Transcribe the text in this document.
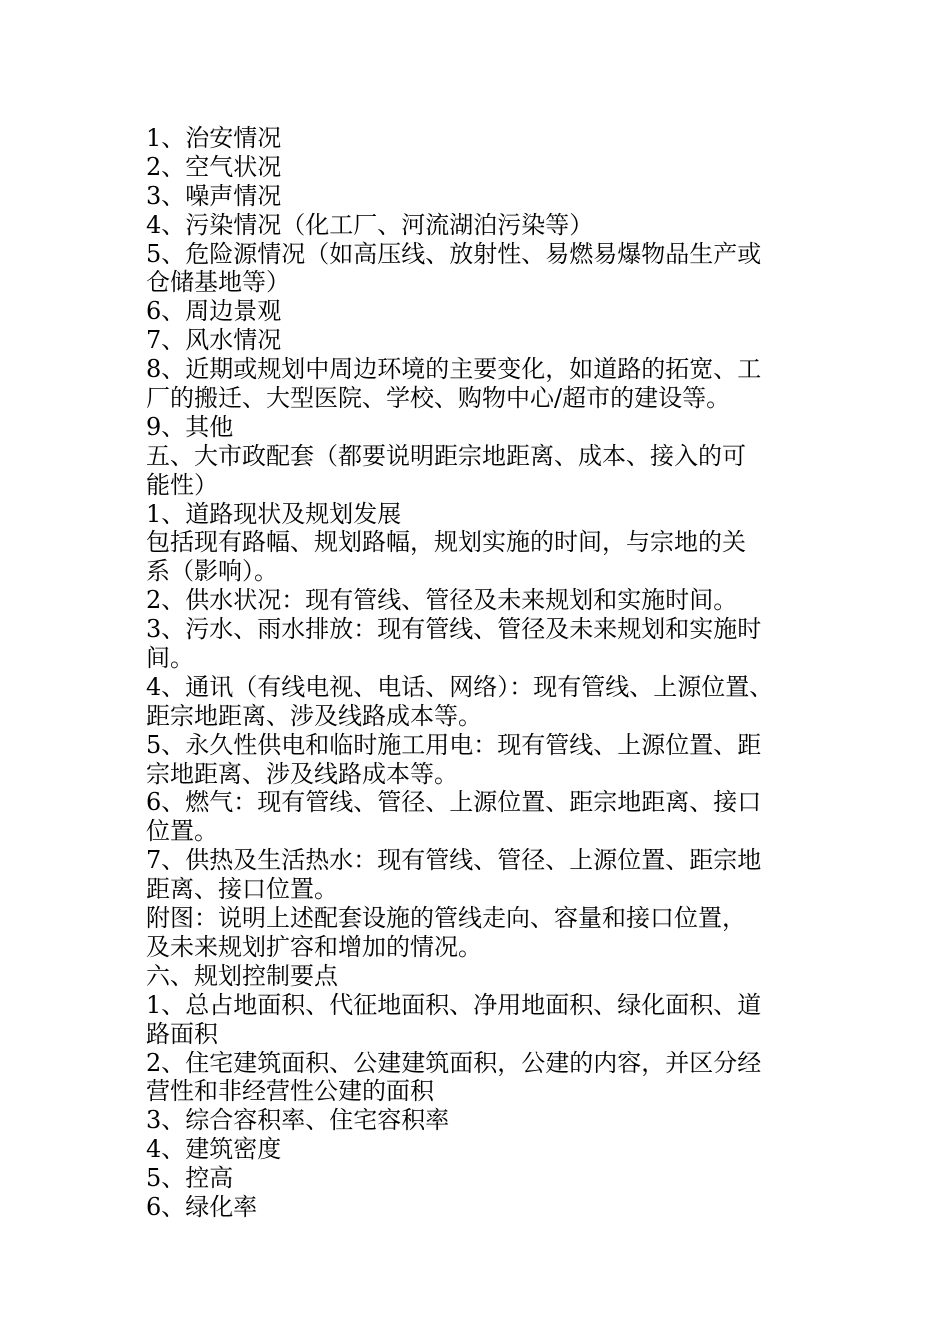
1、治安情况
2、空气状况
3、噪声情况
4、污染情况（化工厂、河流湖泊污染等）
5、危险源情况（如高压线、放射性、易燃易爆物品生产或
仓储基地等）
6、周边景观
7、风水情况
8、近期或规划中周边环境的主要变化，如道路的拓宽、工
厂的搬迁、大型医院、学校、购物中心/超市的建设等。
9、其他
五、大市政配套（都要说明距宗地距离、成本、接入的可
能性）
1、道路现状及规划发展
包括现有路幅、规划路幅，规划实施的时间，与宗地的关
系（影响）。
2、供水状况：现有管线、管径及未来规划和实施时间。
3、污水、雨水排放：现有管线、管径及未来规划和实施时
间。
4、通讯（有线电视、电话、网络）：现有管线、上源位置、
距宗地距离、涉及线路成本等。
5、永久性供电和临时施工用电：现有管线、上源位置、距
宗地距离、涉及线路成本等。
6、燃气：现有管线、管径、上源位置、距宗地距离、接口
位置。
7、供热及生活热水：现有管线、管径、上源位置、距宗地
距离、接口位置。
附图：说明上述配套设施的管线走向、容量和接口位置，
及未来规划扩容和增加的情况。
六、规划控制要点
1、总占地面积、代征地面积、净用地面积、绿化面积、道
路面积
2、住宅建筑面积、公建建筑面积，公建的内容，并区分经
营性和非经营性公建的面积
3、综合容积率、住宅容积率
4、建筑密度
5、控高
6、绿化率
